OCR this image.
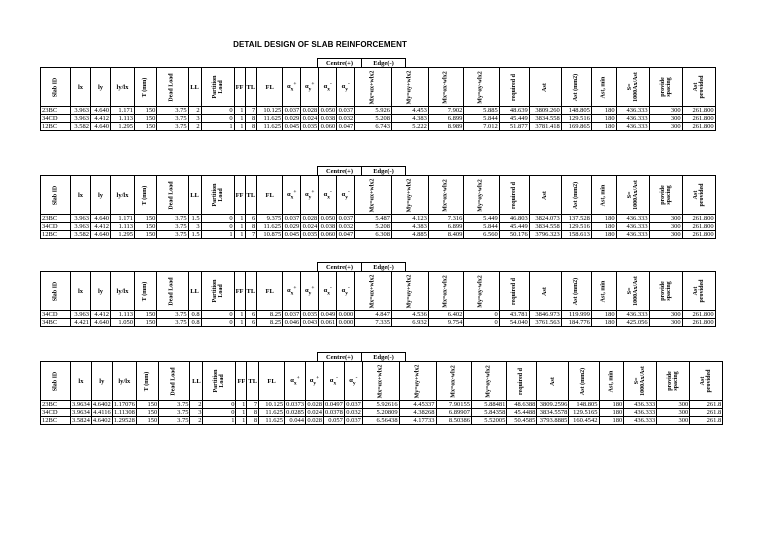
DETAIL DESIGN OF SLAB REINFORCEMENT
Centre(+)	Edge(-)
Slab ID	lx	ly	ly/lx	T (mm)	Dead Load	LL	Partition Load	FF	TL	FL	$\alpha_x^+$	$\alpha_y^+$	$\alpha_x^-$	$\alpha_y^-$	Mx=αx+wlx2	My=αy+wlx2	Mx=αx-wlx2	My=αy-wlx2	required d	Ast	Ast (mm2)	Ast, min	S= 1000Ax/Ast	provide spacing	Ast provided
23BC	3.963	4.640	1.171	150	3.75	2	0	1	7	10.125	0.037	0.028	0.050	0.037	5.926	4.453	7.902	5.885	48.639	3809.260	148.805	180	436.333	300	261.800
34CD	3.963	4.412	1.113	150	3.75	3	0	1	8	11.625	0.029	0.024	0.038	0.032	5.208	4.383	6.899	5.844	45.449	3834.558	129.516	180	436.333	300	261.800
12BC	3.582	4.640	1.295	150	3.75	2	1	1	8	11.625	0.045	0.035	0.060	0.047	6.743	5.222	8.989	7.012	51.877	3781.418	169.865	180	436.333	300	261.800
Centre(+)	Edge(-)
Slab ID	lx	ly	ly/lx	T (mm)	Dead Load	LL	Partition Load	FF	TL	FL	$\alpha_x^+$	$\alpha_y^+$	$\alpha_x^-$	$\alpha_y^-$	Mx=αx+wlx2	My=αy+wlx2	Mx=αx-wlx2	My=αy-wlx2	required d	Ast	Ast (mm2)	Ast, min	S= 1000Ax/Ast	provide spacing	Ast provided
23BC	3.963	4.640	1.171	150	3.75	1.5	0	1	6	9.375	0.037	0.028	0.050	0.037	5.487	4.123	7.316	5.449	46.803	3824.073	137.528	180	436.333	300	261.800
34CD	3.963	4.412	1.113	150	3.75	3	0	1	8	11.625	0.029	0.024	0.038	0.032	5.208	4.383	6.899	5.844	45.449	3834.558	129.516	180	436.333	300	261.800
12BC	3.582	4.640	1.295	150	3.75	1.5	1	1	7	10.875	0.045	0.035	0.060	0.047	6.308	4.885	8.409	6.560	50.176	3796.323	158.613	180	436.333	300	261.800
Centre(+)	Edge(-)
Slab ID	lx	ly	ly/lx	T (mm)	Dead Load	LL	Partition Load	FF	TL	FL	$\alpha_x^+$	$\alpha_y^+$	$\alpha_x^-$	$\alpha_y^-$	Mx=αx+wlx2	My=αy+wlx2	Mx=αx-wlx2	My=αy-wlx2	required d	Ast	Ast (mm2)	Ast, min	S= 1000Ax/Ast	provide spacing	Ast provided
34CD	3.963	4.412	1.113	150	3.75	0.8	0	1	6	8.25	0.037	0.035	0.049	0.000	4.847	4.536	6.402	0	43.781	3846.973	119.999	180	436.333	300	261.800
34BC	4.421	4.640	1.050	150	3.75	0.8	0	1	6	8.25	0.046	0.043	0.061	0.000	7.335	6.932	9.754	0	54.040	3761.563	184.776	180	425.056	300	261.800
Centre(+)	Edge(-)
Slab ID	lx	ly	ly/lx	T (mm)	Dead Load	LL	Partition Load	FF	TL	FL	$\alpha_x^+$	$\alpha_y^+$	$\alpha_x^-$	$\alpha_y^-$	Mx=αx+wlx2	My=αy+wlx2	Mx=αx-wlx2	My=αy-wlx2	required d	Ast	Ast (mm2)	Ast, min	S= 1000Ax/Ast	provide spacing	Ast provided
23BC	3.9634	4.6402	1.17076	150	3.75	2	0	1	7	10.125	0.0373	0.028	0.0497	0.037	5.92616	4.45337	7.90155	5.88481	48.6388	3809.2596	148.805	180	436.333	300	261.8
34CD	3.9634	4.4116	1.11308	150	3.75	3	0	1	8	11.625	0.0285	0.024	0.0378	0.032	5.20809	4.38268	6.89907	5.84358	45.4488	3834.5578	129.5165	180	436.333	300	261.8
12BC	3.5824	4.6402	1.29528	150	3.75	2	1	1	8	11.625	0.044	0.028	0.057	0.037	6.56438	4.17733	8.50386	5.52005	50.4585	3793.8885	160.4542	180	436.333	300	261.8
